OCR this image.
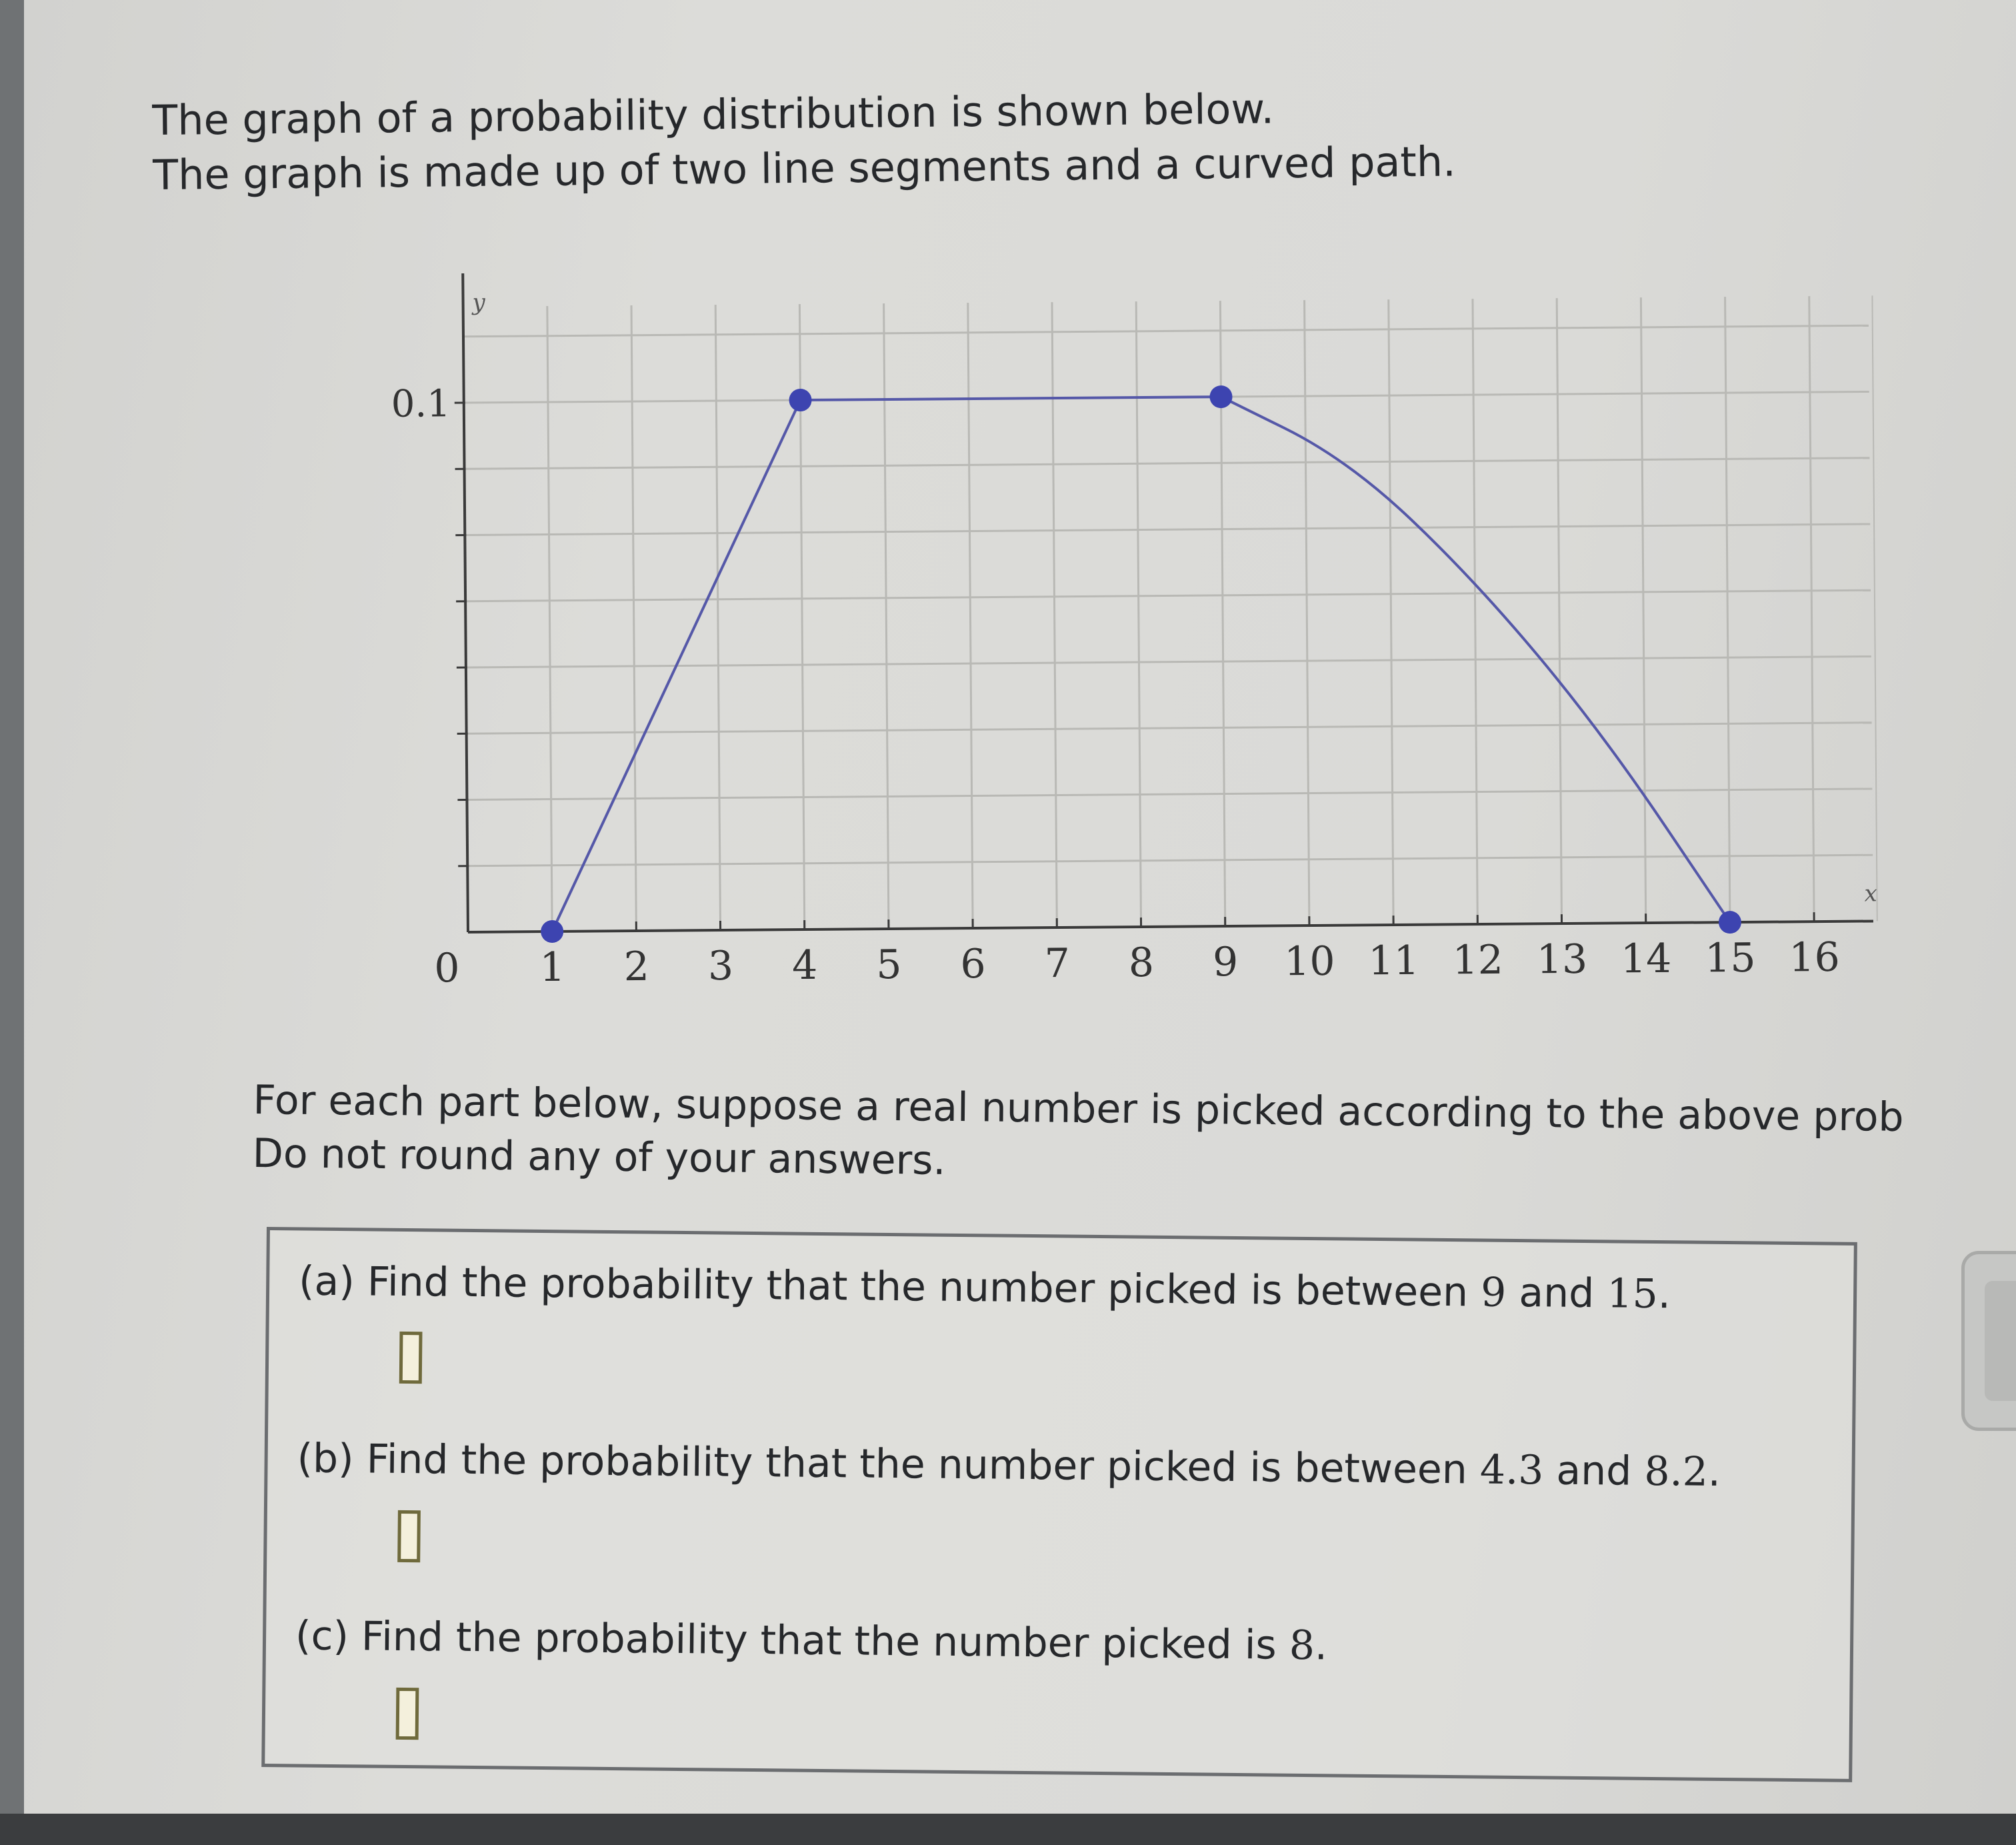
The graph of a probability distribution is shown below.
The graph is made up of two line segments and a curved path.
x
y
0 1 2 3 4 5 6 7 8 9 10 11 12 13 14 15 16
0.1
For each part below, suppose a real number is picked according to the above prob
Do not round any of your answers.
(a) Find the probability that the number picked is between 9 and 15.
(b) Find the probability that the number picked is between 4.3 and 8.2.
(c) Find the probability that the number picked is 8.
